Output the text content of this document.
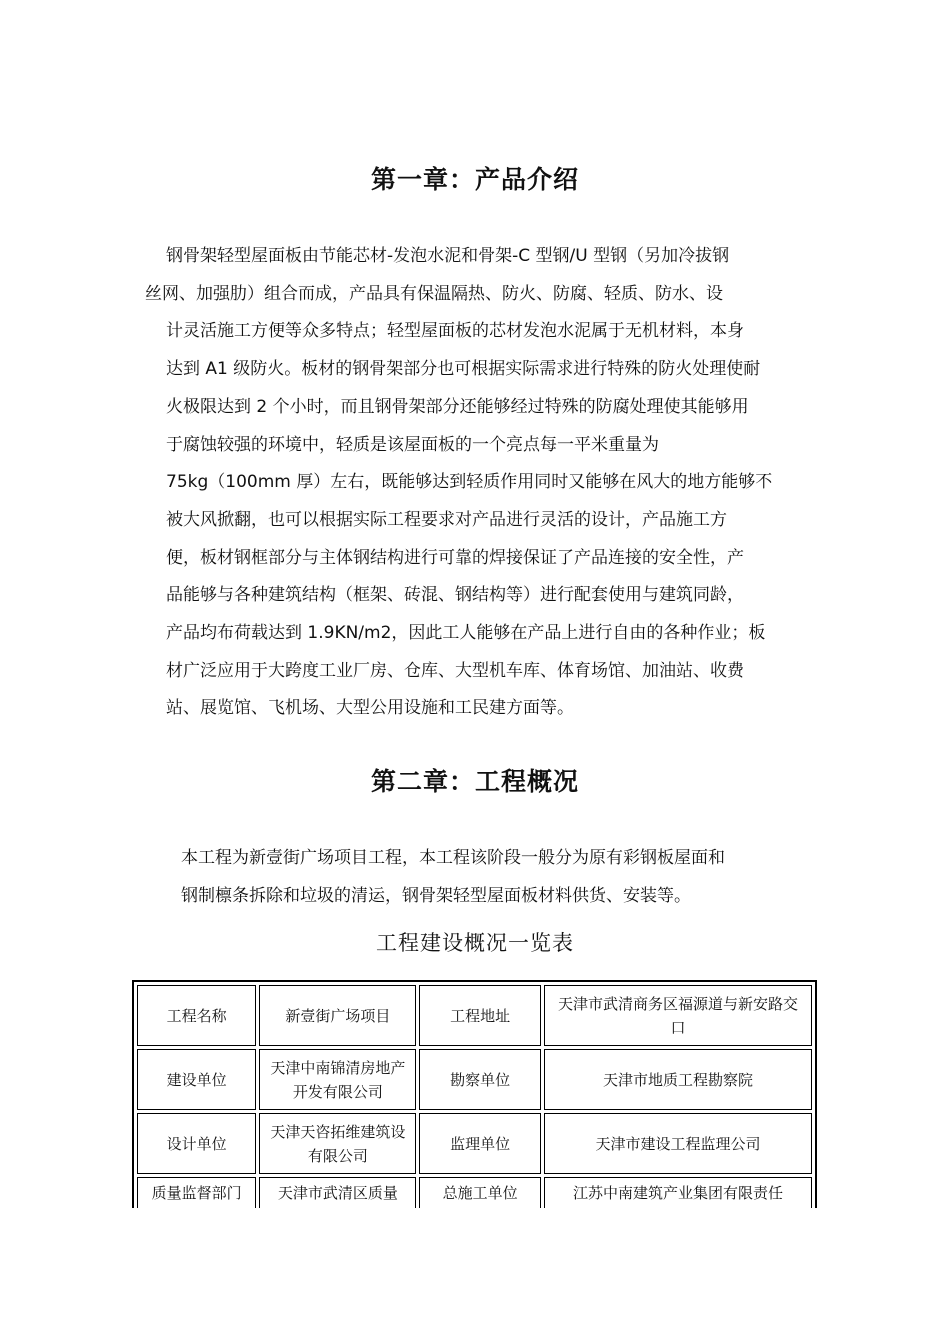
第一章：产品介绍

钢骨架轻型屋面板由节能芯材-发泡水泥和骨架-C 型钢/U 型钢（另加冷拔钢
丝网、加强肋）组合而成，产品具有保温隔热、防火、防腐、轻质、防水、设
计灵活施工方便等众多特点；轻型屋面板的芯材发泡水泥属于无机材料，本身
达到 A1 级防火。板材的钢骨架部分也可根据实际需求进行特殊的防火处理使耐
火极限达到 2 个小时，而且钢骨架部分还能够经过特殊的防腐处理使其能够用
于腐蚀较强的环境中，轻质是该屋面板的一个亮点每一平米重量为
75kg（100mm 厚）左右，既能够达到轻质作用同时又能够在风大的地方能够不
被大风掀翻，也可以根据实际工程要求对产品进行灵活的设计，产品施工方
便，板材钢框部分与主体钢结构进行可靠的焊接保证了产品连接的安全性，产
品能够与各种建筑结构（框架、砖混、钢结构等）进行配套使用与建筑同龄，
产品均布荷载达到 1.9KN/m2，因此工人能够在产品上进行自由的各种作业；板
材广泛应用于大跨度工业厂房、仓库、大型机车库、体育场馆、加油站、收费
站、展览馆、飞机场、大型公用设施和工民建方面等。

第二章：工程概况

本工程为新壹街广场项目工程，本工程该阶段一般分为原有彩钢板屋面和
钢制檩条拆除和垃圾的清运，钢骨架轻型屋面板材料供货、安装等。

工程建设概况一览表
工程名称	新壹街广场项目	工程地址	天津市武清商务区福源道与新安路交口
建设单位	天津中南锦清房地产开发有限公司	勘察单位	天津市地质工程勘察院
设计单位	天津天咨拓维建筑设有限公司	监理单位	天津市建设工程监理公司
质量监督部门	天津市武清区质量	总施工单位	江苏中南建筑产业集团有限责任
